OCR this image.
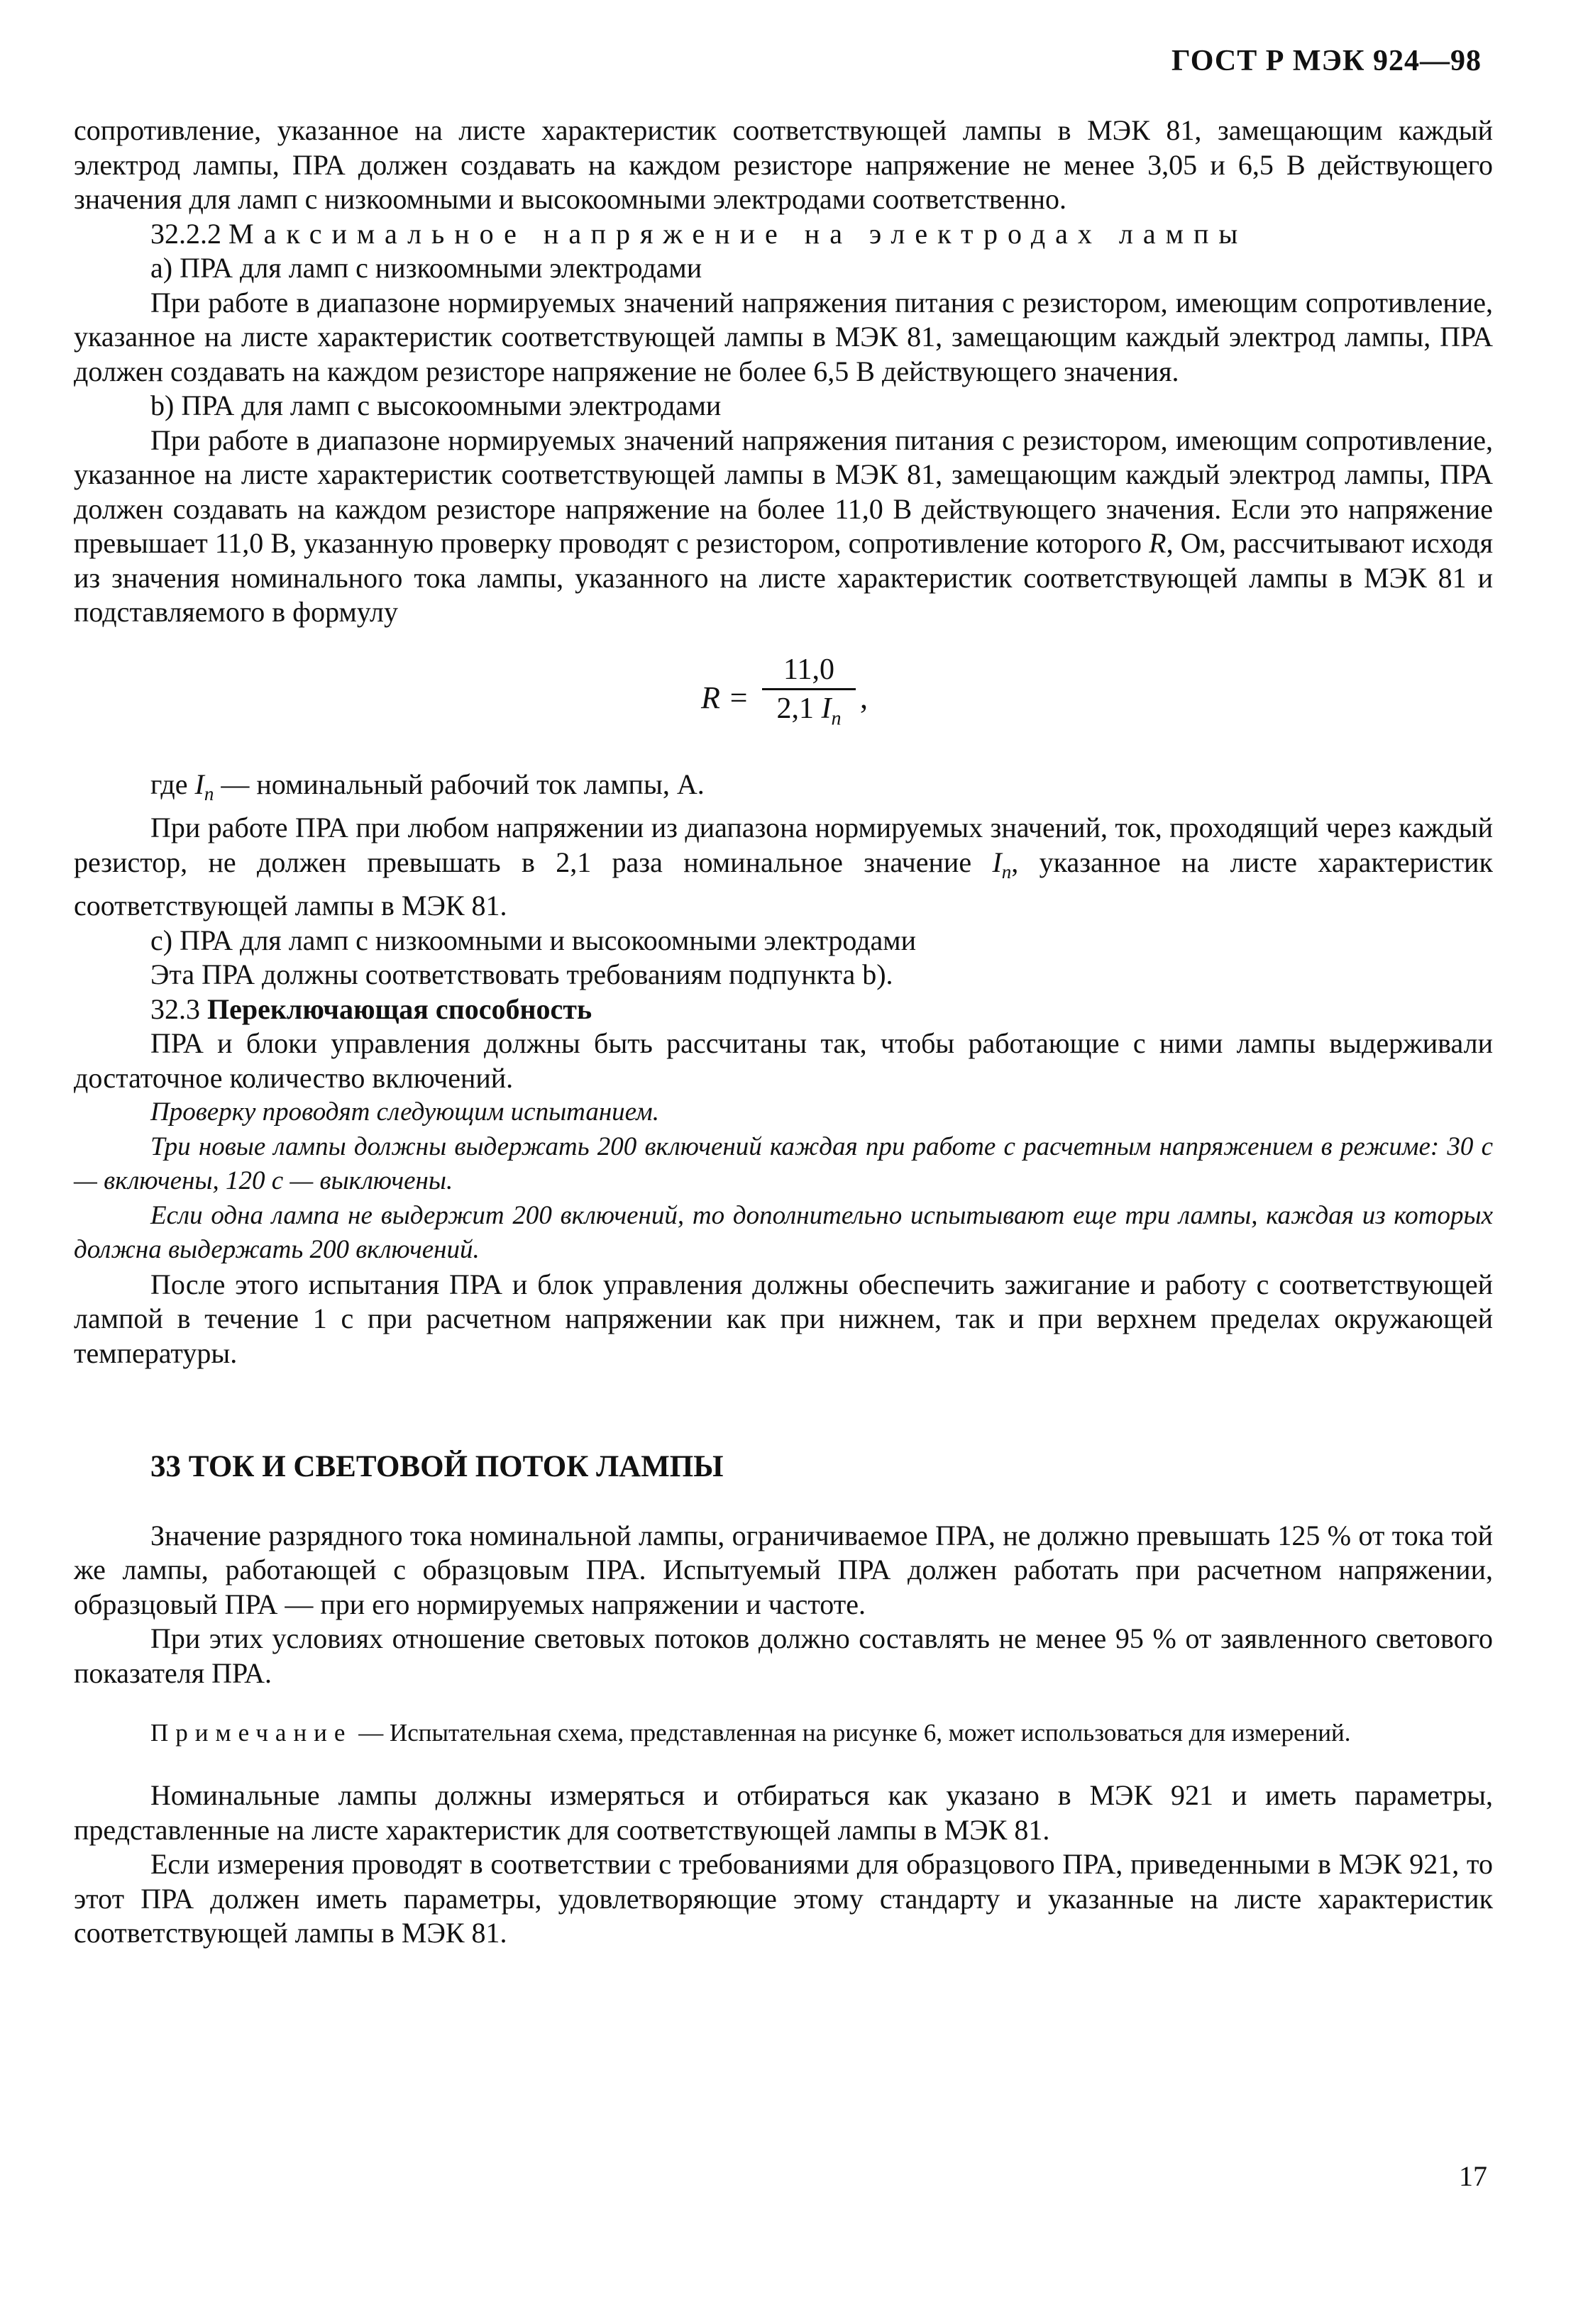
ГОСТ Р МЭК 924—98

сопротивление, указанное на листе характеристик соответствующей лампы в МЭК 81, замещающим каждый электрод лампы, ПРА должен создавать на каждом резисторе напряжение не менее 3,05 и 6,5 В действующего значения для ламп с низкоомными и высокоомными электродами соответственно.

32.2.2 Максимальное напряжение на электродах лампы

a) ПРА для ламп с низкоомными электродами

При работе в диапазоне нормируемых значений напряжения питания с резистором, имеющим сопротивление, указанное на листе характеристик соответствующей лампы в МЭК 81, замещающим каждый электрод лампы, ПРА должен создавать на каждом резисторе напряжение не более 6,5 В действующего значения.

b) ПРА для ламп с высокоомными электродами

При работе в диапазоне нормируемых значений напряжения питания с резистором, имеющим сопротивление, указанное на листе характеристик соответствующей лампы в МЭК 81, замещающим каждый электрод лампы, ПРА должен создавать на каждом резисторе напряжение на более 11,0 В действующего значения. Если это напряжение превышает 11,0 В, указанную проверку проводят с резистором, сопротивление которого R, Ом, рассчитывают исходя из значения номинального тока лампы, указанного на листе характеристик соответствующей лампы в МЭК 81 и подставляемого в формулу

$R = \frac{11,0}{2,1 I_n}$ ,

где $I_n$ — номинальный рабочий ток лампы, А.

При работе ПРА при любом напряжении из диапазона нормируемых значений, ток, проходящий через каждый резистор, не должен превышать в 2,1 раза номинальное значение $I_n$, указанное на листе характеристик соответствующей лампы в МЭК 81.

c) ПРА для ламп с низкоомными и высокоомными электродами

Эта ПРА должны соответствовать требованиям подпункта b).

32.3 Переключающая способность

ПРА и блоки управления должны быть рассчитаны так, чтобы работающие с ними лампы выдерживали достаточное количество включений.

Проверку проводят следующим испытанием.

Три новые лампы должны выдержать 200 включений каждая при работе с расчетным напряжением в режиме: 30 с — включены, 120 с — выключены.

Если одна лампа не выдержит 200 включений, то дополнительно испытывают еще три лампы, каждая из которых должна выдержать 200 включений.

После этого испытания ПРА и блок управления должны обеспечить зажигание и работу с соответствующей лампой в течение 1 с при расчетном напряжении как при нижнем, так и при верхнем пределах окружающей температуры.

33 ТОК И СВЕТОВОЙ ПОТОК ЛАМПЫ

Значение разрядного тока номинальной лампы, ограничиваемое ПРА, не должно превышать 125 % от тока той же лампы, работающей с образцовым ПРА. Испытуемый ПРА должен работать при расчетном напряжении, образцовый ПРА — при его нормируемых напряжении и частоте.

При этих условиях отношение световых потоков должно составлять не менее 95 % от заявленного светового показателя ПРА.

Примечание — Испытательная схема, представленная на рисунке 6, может использоваться для измерений.

Номинальные лампы должны измеряться и отбираться как указано в МЭК 921 и иметь параметры, представленные на листе характеристик для соответствующей лампы в МЭК 81.

Если измерения проводят в соответствии с требованиями для образцового ПРА, приведенными в МЭК 921, то этот ПРА должен иметь параметры, удовлетворяющие этому стандарту и указанные на листе характеристик соответствующей лампы в МЭК 81.

17
